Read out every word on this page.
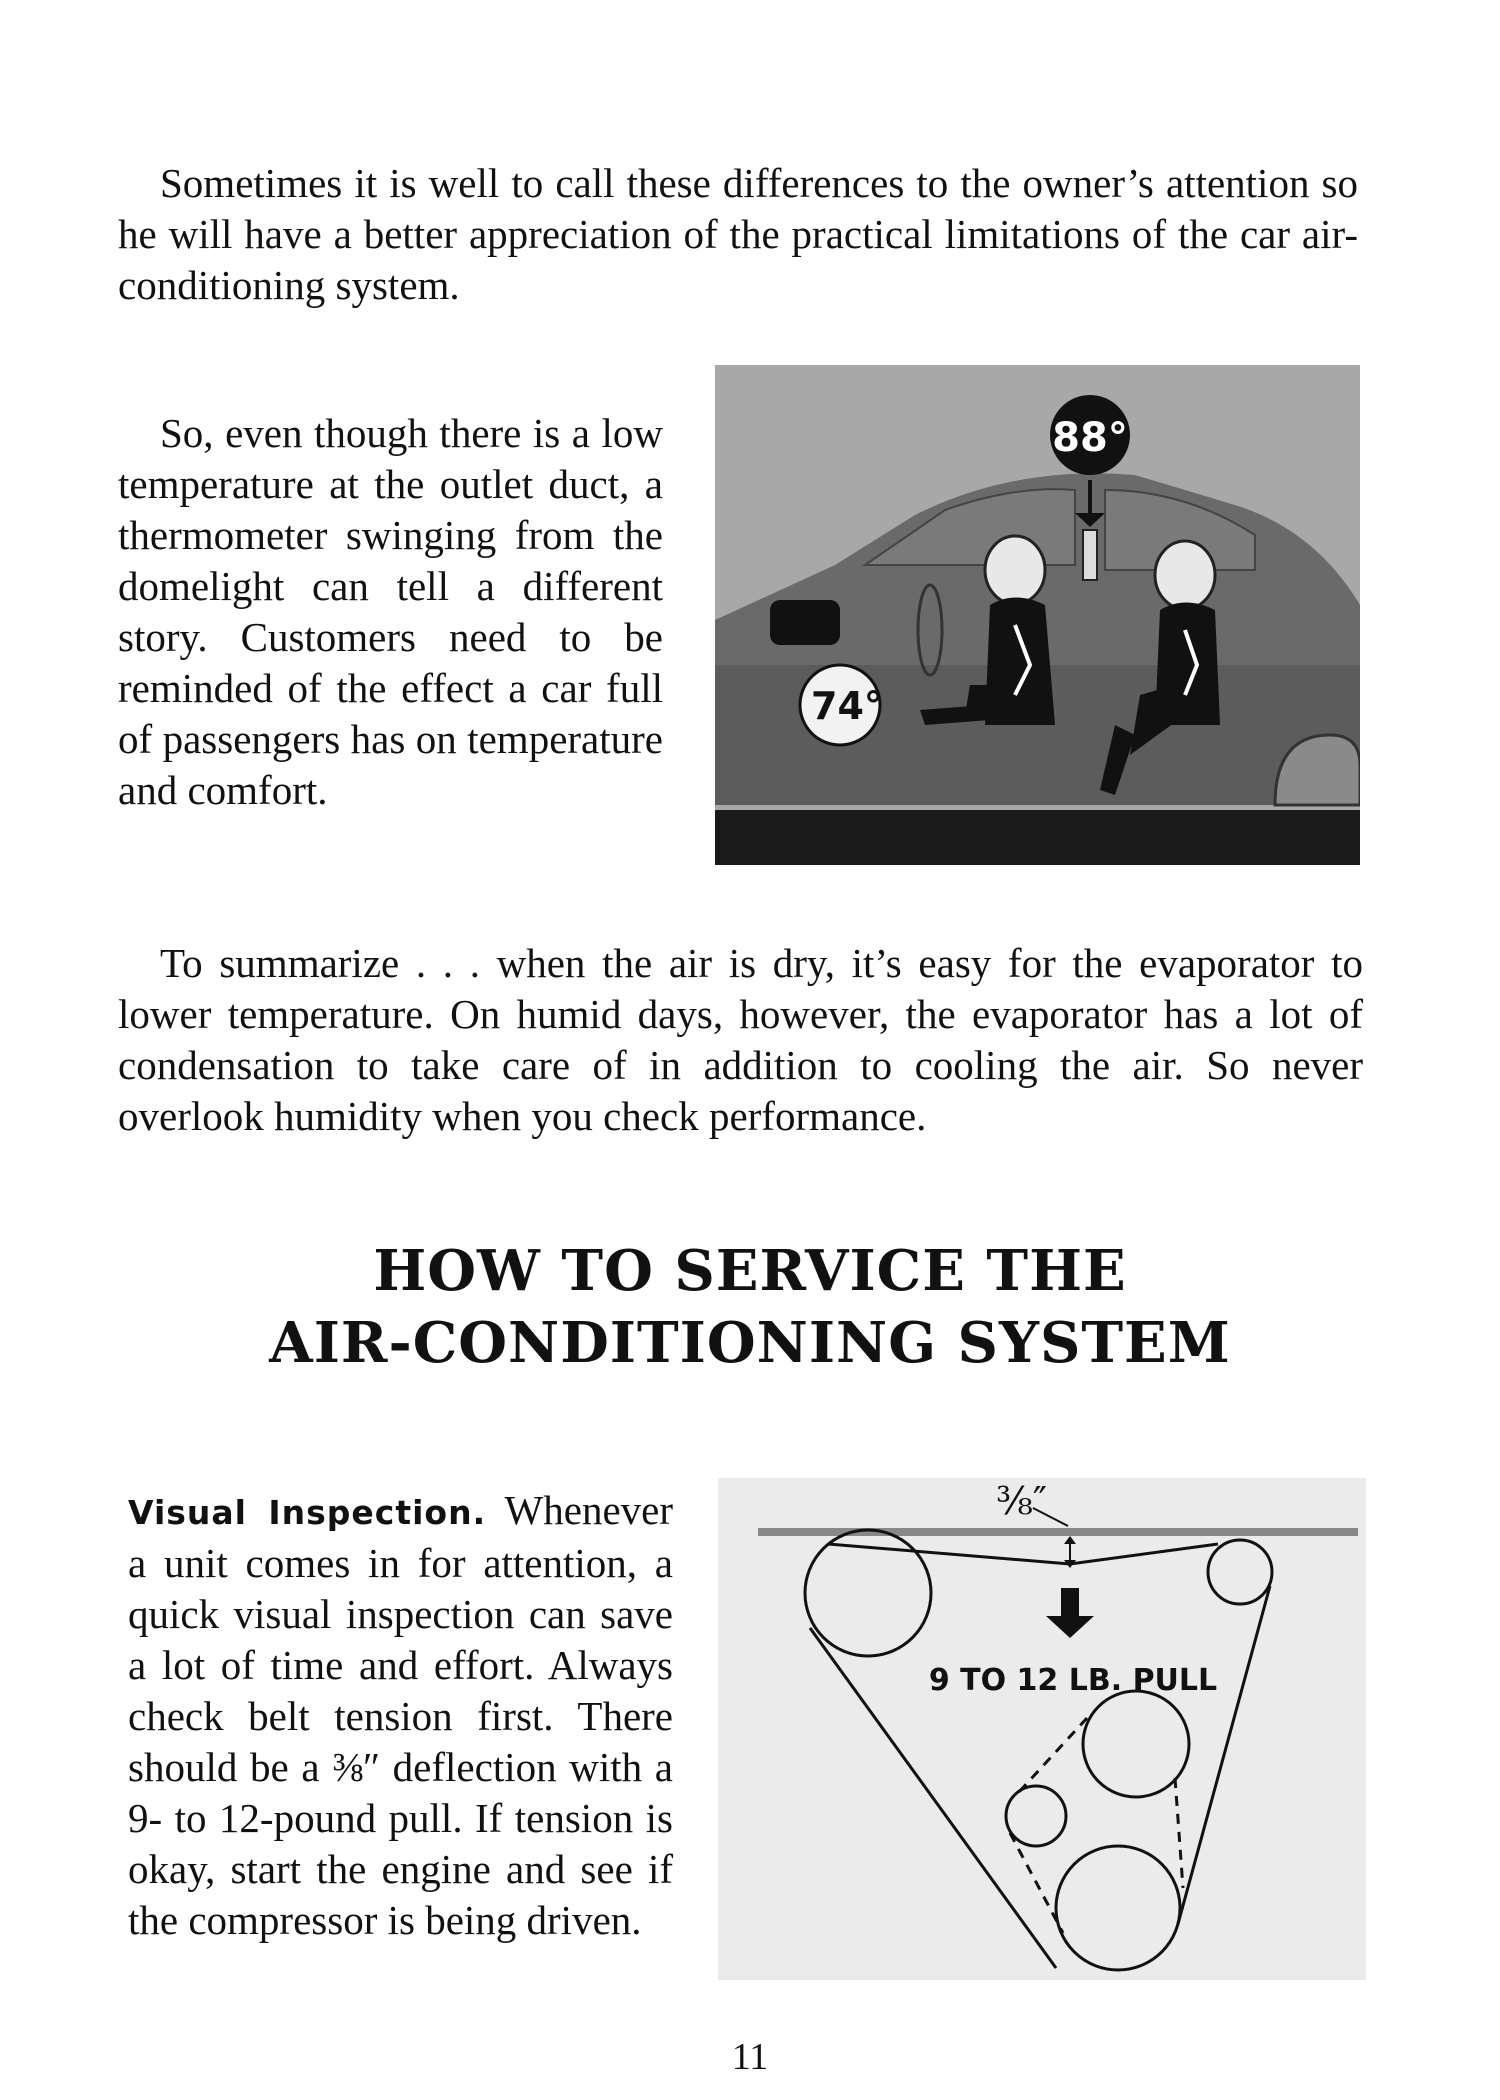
Sometimes it is well to call these differences to the owner’s attention so he will have a better appreciation of the practical limitations of the car air-conditioning system.

So, even though there is a low temperature at the outlet duct, a thermometer swinging from the domelight can tell a different story. Customers need to be reminded of the effect a car full of passengers has on temperature and comfort.

88°
74°

To summarize . . . when the air is dry, it’s easy for the evaporator to lower temperature. On humid days, however, the evaporator has a lot of condensation to take care of in addition to cooling the air. So never overlook humidity when you check performance.

HOW TO SERVICE THE
AIR-CONDITIONING SYSTEM

Visual Inspection. Whenever a unit comes in for attention, a quick visual inspection can save a lot of time and effort. Always check belt tension first. There should be a ⅜″ deflection with a 9- to 12-pound pull. If tension is okay, start the engine and see if the compressor is being driven.

⅜″
9 TO 12 LB. PULL
11
